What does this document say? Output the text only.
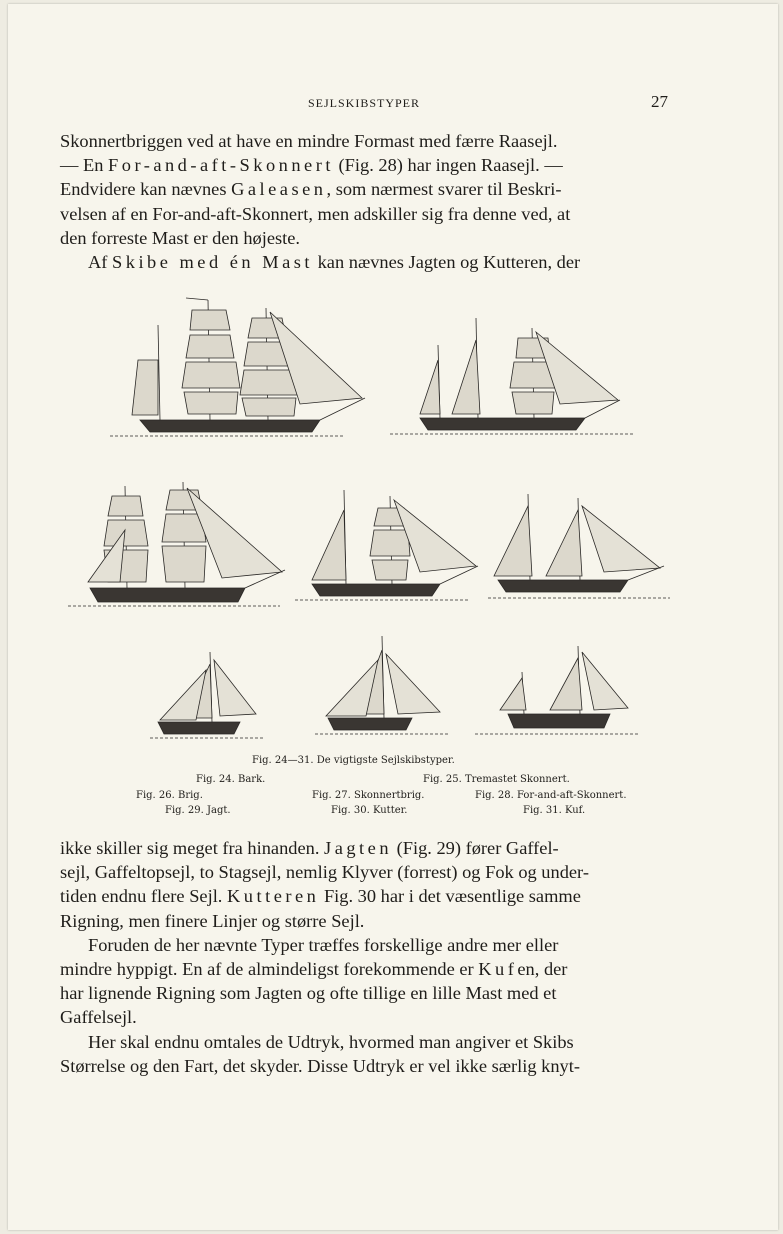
SEJLSKIBSTYPER	27

Skonnertbriggen ved at have en mindre Formast med færre Raasejl.

— En For-and-aft-Skonnert (Fig. 28) har ingen Raasejl. —

Endvidere kan nævnes Galeasen, som nærmest svarer til Beskri-

velsen af en For-and-aft-Skonnert, men adskiller sig fra denne ved, at

den forreste Mast er den højeste.

Af Skibe med én Mast kan nævnes Jagten og Kutteren, der

Fig. 24—31. De vigtigste Sejlskibstyper.
Fig. 24. Bark.	Fig. 25. Tremastet Skonnert.
Fig. 26. Brig.	Fig. 27. Skonnertbrig.	Fig. 28. For-and-aft-Skonnert.
Fig. 29. Jagt.	Fig. 30. Kutter.	Fig. 31. Kuf.

ikke skiller sig meget fra hinanden. Jagten (Fig. 29) fører Gaffel-

sejl, Gaffeltopsejl, to Stagsejl, nemlig Klyver (forrest) og Fok og under-

tiden endnu flere Sejl. Kutteren Fig. 30 har i det væsentlige samme

Rigning, men finere Linjer og større Sejl.

Foruden de her nævnte Typer træffes forskellige andre mer eller

mindre hyppigt. En af de almindeligst forekommende er Kufen, der

har lignende Rigning som Jagten og ofte tillige en lille Mast med et

Gaffelsejl.

Her skal endnu omtales de Udtryk, hvormed man angiver et Skibs

Størrelse og den Fart, det skyder. Disse Udtryk er vel ikke særlig knyt-
